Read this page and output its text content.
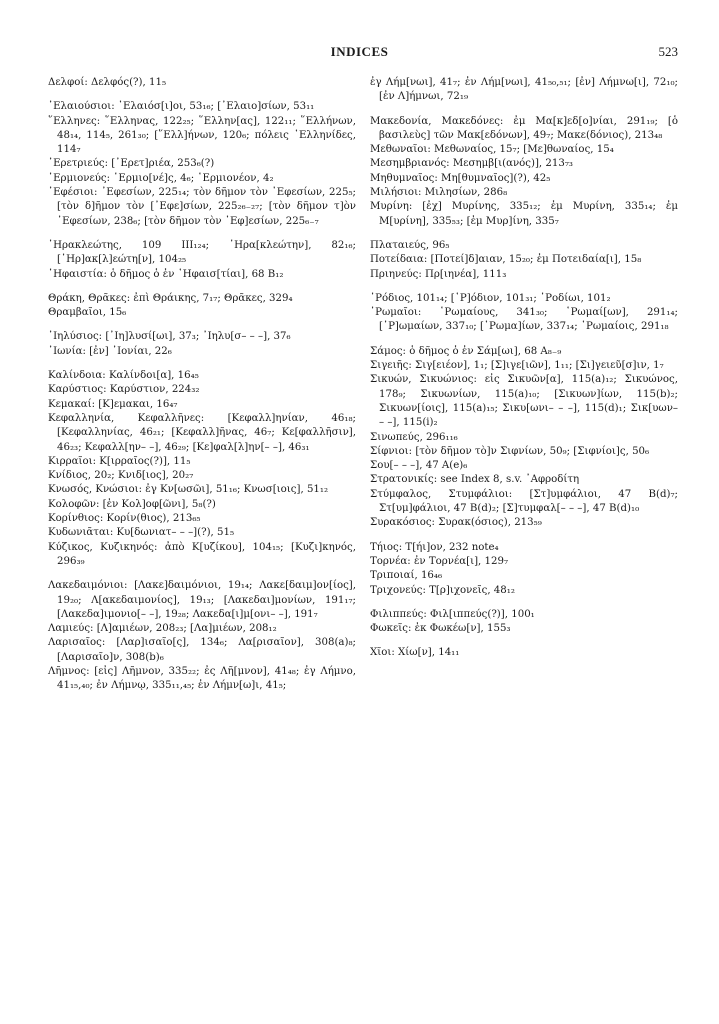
INDICES	523

Δελφοί: Δελφός(?), 11₅

᾽Ελαιούσιοι: ᾽Ελαιόσ[ι]οι, 53₁₆; [᾽Ελαιο]σίων, 53₁₁

῞Ελληνες: ῞Ελληνας, 122₂₅; ῞Ελλην[ας], 122₁₁; ῞Ελλήνων, 48₁₄, 114₅, 261₃₀; [῞Ελλ]ήνων, 120₆; πόλεις ῾Ελληνίδες, 114₇

᾽Ερετριεύς: [᾽Ερετ]ριέα, 253₆(?)

῾Ερμιονεύς: ῾Ερμιο[νέ]ς, 4₆; ῾Ερμιονέον, 4₂

᾽Εφέσιοι: ᾽Εφεσίων, 225₁₄; τὸν δῆμον τὸν ᾽Εφεσίων, 225₅; [τὸν δ]ῆμον τὸν [᾽Εφε]σίων, 225₂₆₋₂₇; [τὸν δῆμον τ]ὸν ᾽Εφεσίων, 238₆; [τὸν δῆμον τὸν ᾽Εφ]εσίων, 225₆₋₇

῾Ηρακλεώτης, 109 III₁₂₄; ῾Ηρα[κλεώτην], 82₁₆; [῾Ηρ]ακ[λ]εώτη[ν], 104₂₅

῾Ηφαιστία: ὁ δῆμος ὁ ἐν ῾Ηφαισ[τίαι], 68 B₁₂

Θράκη, Θρᾶκες: ἐπὶ Θράικης, 7₁₇; Θρᾶκες, 329₄

Θραμβαῖοι, 15₆

᾽Ιηλύσιος: [᾽Ιη]λυσί[ωι], 37₃; ᾽Ιηλυ[σ– – –], 37₆

᾽Ιωνία: [ἐν] ᾽Ιονίαι, 22₆

Καλίνδοια: Καλίνδοι[α], 16₄₅

Καρύστιος: Καρύστιον, 224₃₂

Κεμακαί: [Κ]εμακαι, 16₄₇

Κεφαλληνία, Κεφαλλῆνες: [Κεφαλλ]ηνίαν, 46₁₈; [Κεφαλληνίας, 46₂₁; [Κεφαλλ]ῆνας, 46₇; Κε[φαλλῆσιν], 46₂₃; Κεφαλλ[ην– –], 46₂₉; [Κε]φαλ[λ]ην[– –], 46₃₁

Κιρραῖοι: Κ[ιρραῖος(?)], 11₅

Κνίδιος, 20₂; Κνιδ[ιος], 20₂₇

Κνωσός, Κνώσιοι: ἐγ Κν[ωσῶι], 51₁₆; Κνωσ[ιοις], 51₁₂

Κολοφῶν: [ἐν Κολ]οφ[ῶνι], 5₈(?)

Κορίνθιος: Κορίν(θιος), 213₆₅

Κυδωνιᾶται: Κυ[δωνιατ– – –](?), 51₅

Κύζικος, Κυζικηνός: ἀπὸ Κ[υζίκου], 104₁₅; [Κυζι]κηνός, 296₃₉

Λακεδαιμόνιοι: [Λακε]δαιμόνιοι, 19₁₄; Λακε[δαιμ]ον[ίος], 19₂₀; Λ[ακεδαιμονίος], 19₁₃; [Λακεδαι]μονίων, 191₁₇; [Λακεδα]ιμονιο[– –], 19₂₈; Λακεδα[ι]μ[ονι– –], 191₇

Λαμιεύς: [Λ]αμιέων, 208₂₃; [Λα]μιέων, 208₁₂

Λαρισαῖος: [Λαρ]ισαῖο[ς], 134₆; Λα[ρισαῖον], 308(a)₈; [Λαρισαῖο]ν, 308(b)₆

Λῆμνος: [εἰς] Λῆμνον, 335₂₂; ἐς Λῆ[μνον], 41₄₈; ἐγ Λήμνο, 41₁₅,₄₀; ἐν Λήμνῳ, 335₁₁,₄₅; ἐν Λήμν[ω]ι, 41₅;

ἐγ Λήμ[νωι], 41₇; ἐν Λήμ[νωι], 41₅₀,₅₁; [ἐν] Λήμνω[ι], 72₁₀; [ἐν Λ]ήμνωι, 72₁₉

Μακεδονία, Μακεδόνες: ἐμ Μα[κ]εδ[ο]νίαι, 291₁₉; [ὁ βασιλεὺς] τῶν Μακ[εδόνων], 49₇; Μακε(δόνιος), 213₄₈

Μεθωναῖοι: Μεθωναίος, 15₇; [Με]θωναίος, 15₄

Μεσημβριανός: Μεσημβ[ι(ανός)], 213₇₃

Μηθυμναῖος: Μη[θυμναῖος](?), 42₅

Μιλήσιοι: Μιλησίων, 286₈

Μυρίνη: [ἐχ] Μυρίνης, 335₁₂; ἐμ Μυρίνη, 335₁₄; ἐμ Μ[υρίνη], 335₅₃; [ἐμ Μυρ]ίνη, 335₇

Πλαταιεύς, 96₅

Ποτείδαια: [Ποτεί]δ]αιαν, 15₂₀; ἐμ Ποτειδαία[ι], 15₈

Πριηνεύς: Πρ[ιηνέα], 111₃

῾Ρόδιος, 101₁₄; [῾Ρ]όδιον, 101₃₁; ῾Ροδίωι, 101₂

῾Ρωμαῖοι: ῾Ρωμαίους, 341₃₀; ῾Ρωμαί[ων], 291₁₄; [῾Ρ]ωμαίων, 337₁₀; [῾Ρωμα]ίων, 337₁₄; ῾Ρωμαίοις, 291₁₈

Σάμος: ὁ δῆμος ὁ ἐν Σάμ[ωι], 68 A₈₋₉

Σιγειῆς: Σιγ[ειέον], 1₁; [Σ]ιγε[ιῶν], 1₁₁; [Σι]γειεῦ[σ]ιν, 1₇

Σικυών, Σικυώνιος: εἰς Σικυῶν[α], 115(a)₁₂; Σικυώνος, 178₉; Σικυωνίων, 115(a)₁₀; [Σικυων]ίων, 115(b)₂; Σικυων[ίοις], 115(a)₁₅; Σικυ[ωνι– – –], 115(d)₁; Σικ[υων– – –], 115(i)₂

Σινωπεύς, 296₁₁₆

Σίφνιοι: [τὸν δῆμον τὸ]ν Σιφνίων, 50₉; [Σιφνίοι]ς, 50₆

Σου[– – –], 47 A(e)₆

Στρατονικίς: see Index 8, s.v. ᾽Αφροδίτη

Στύμφαλος, Στυμφάλιοι: [Στ]υμφάλιοι, 47 B(d)₇; Στ[υμ]φάλιοι, 47 B(d)₂; [Σ]τυμφαλ[– – –], 47 B(d)₁₀

Συρακόσιος: Συρακ(όσιος), 213₅₉

Τήιος: Τ[ήι]ον, 232 note₄

Τορνέα: ἐν Τορνέα[ι], 129₇

Τριποιαί, 16₄₆

Τριχονεύς: Τ[ρ]ιχονεῖς, 48₁₂

Φιλιππεύς: Φιλ[ιππεύς(?)], 100₁

Φωκεῖς: ἐκ Φωκέω[ν], 155₃

Χῖοι: Χίω[ν], 14₁₁
